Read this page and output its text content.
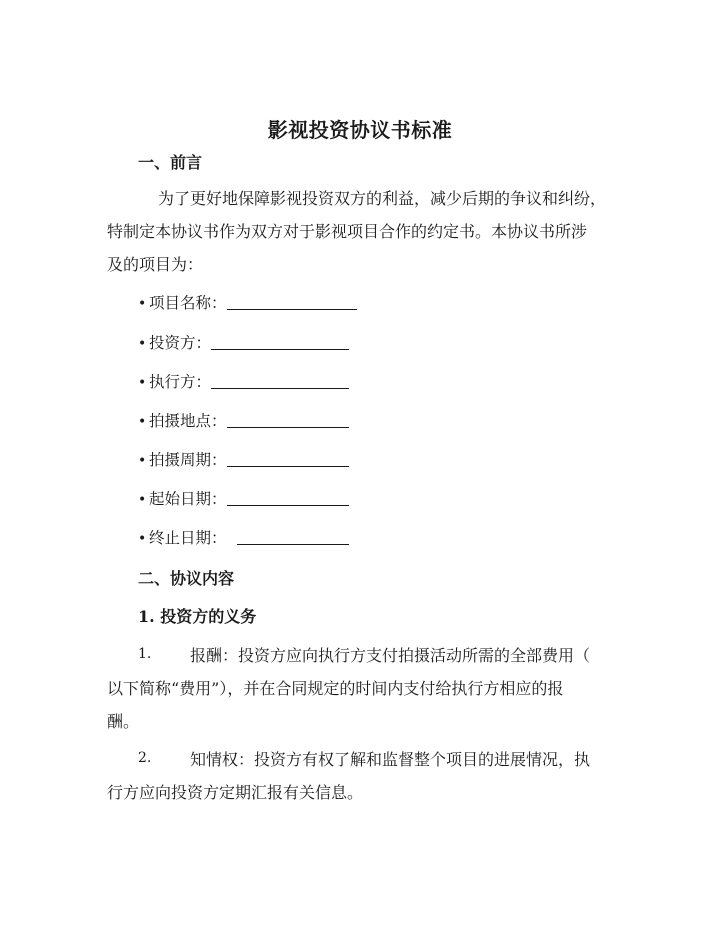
影视投资协议书标准
一、前言
为了更好地保障影视投资双方的利益，减少后期的争议和纠纷，
特制定本协议书作为双方对于影视项目合作的约定书。本协议书所涉
及的项目为：
• 项目名称：
• 投资方：
• 执行方：
• 拍摄地点：
• 拍摄周期：
• 起始日期：
• 终止日期：
二、协议内容
1. 投资方的义务
1. 报酬：投资方应向执行方支付拍摄活动所需的全部费用（
以下简称“费用”），并在合同规定的时间内支付给执行方相应的报
酬。
2. 知情权：投资方有权了解和监督整个项目的进展情况，执
行方应向投资方定期汇报有关信息。
